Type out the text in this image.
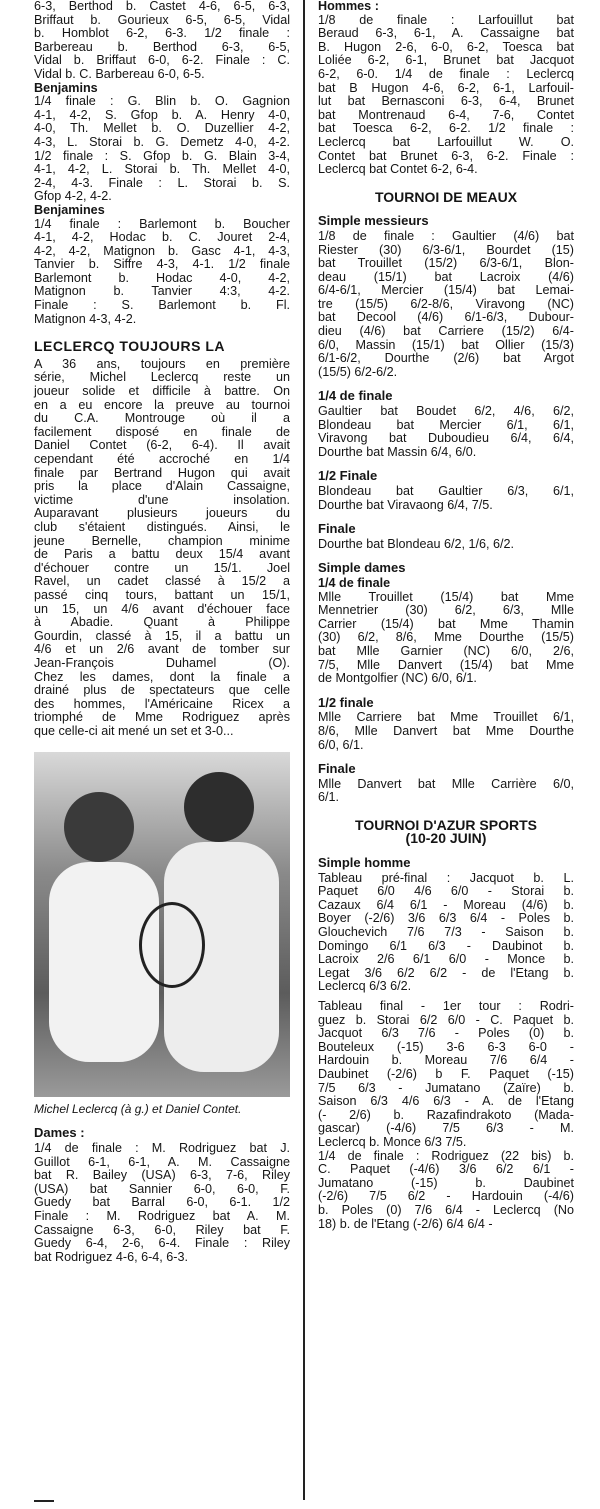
6-3, Berthod b. Castet 4-6, 6-5, 6-3,
Briffaut b. Gourieux 6-5, 6-5, Vidal
b. Homblot 6-2, 6-3. 1/2 finale :
Barbereau b. Berthod 6-3, 6-5,
Vidal b. Briffaut 6-0, 6-2. Finale : C.
Vidal b. C. Barbereau 6-0, 6-5.

Benjamins

1/4 finale : G. Blin b. O. Gagnion
4-1, 4-2, S. Gfop b. A. Henry 4-0,
4-0, Th. Mellet b. O. Duzellier 4-2,
4-3, L. Storai b. G. Demetz 4-0, 4-2.
1/2 finale : S. Gfop b. G. Blain 3-4,
4-1, 4-2, L. Storai b. Th. Mellet 4-0,
2-4, 4-3. Finale : L. Storai b. S.
Gfop 4-2, 4-2.

Benjamines

1/4 finale : Barlemont b. Boucher
4-1, 4-2, Hodac b. C. Jouret 2-4,
4-2, 4-2, Matignon b. Gasc 4-1, 4-3,
Tanvier b. Siffre 4-3, 4-1. 1/2 finale
Barlemont b. Hodac 4-0, 4-2,
Matignon b. Tanvier 4:3, 4-2.
Finale : S. Barlemont b. Fl.
Matignon 4-3, 4-2.
LECLERCQ TOUJOURS LA
A 36 ans, toujours en première
série, Michel Leclercq reste un
joueur solide et difficile à battre. On
en a eu encore la preuve au tournoi
du C.A. Montrouge où il a
facilement disposé en finale de
Daniel Contet (6-2, 6-4). Il avait
cependant été accroché en 1/4
finale par Bertrand Hugon qui avait
pris la place d'Alain Cassaigne,
victime d'une insolation.
Auparavant plusieurs joueurs du
club s'étaient distingués. Ainsi, le
jeune Bernelle, champion minime
de Paris a battu deux 15/4 avant
d'échouer contre un 15/1. Joel
Ravel, un cadet classé à 15/2 a
passé cinq tours, battant un 15/1,
un 15, un 4/6 avant d'échouer face
à Abadie. Quant à Philippe
Gourdin, classé à 15, il a battu un
4/6 et un 2/6 avant de tomber sur
Jean-François Duhamel (O).
Chez les dames, dont la finale a
drainé plus de spectateurs que celle
des hommes, l'Américaine Ricex a
triomphé de Mme Rodriguez après
que celle-ci ait mené un set et 3-0...
Michel Leclercq (à g.) et Daniel Contet.

Dames :

1/4 de finale : M. Rodriguez bat J.
Guillot 6-1, 6-1, A. M. Cassaigne
bat R. Bailey (USA) 6-3, 7-6, Riley
(USA) bat Sannier 6-0, 6-0, F.
Guedy bat Barral 6-0, 6-1. 1/2
Finale : M. Rodriguez bat A. M.
Cassaigne 6-3, 6-0, Riley bat F.
Guedy 6-4, 2-6, 6-4. Finale : Riley
bat Rodriguez 4-6, 6-4, 6-3.

Hommes :

1/8 de finale : Larfouillut bat
Beraud 6-3, 6-1, A. Cassaigne bat
B. Hugon 2-6, 6-0, 6-2, Toesca bat
Loliée 6-2, 6-1, Brunet bat Jacquot
6-2, 6-0. 1/4 de finale : Leclercq
bat B Hugon 4-6, 6-2, 6-1, Larfouil-
lut bat Bernasconi 6-3, 6-4, Brunet
bat Montrenaud 6-4, 7-6, Contet
bat Toesca 6-2, 6-2. 1/2 finale :
Leclercq bat Larfouillut W. O.
Contet bat Brunet 6-3, 6-2. Finale :
Leclercq bat Contet 6-2, 6-4.
TOURNOI DE MEAUX

Simple messieurs

1/8 de finale : Gaultier (4/6) bat
Riester (30) 6/3-6/1, Bourdet (15)
bat Trouillet (15/2) 6/3-6/1, Blon-
deau (15/1) bat Lacroix (4/6)
6/4-6/1, Mercier (15/4) bat Lemai-
tre (15/5) 6/2-8/6, Viravong (NC)
bat Decool (4/6) 6/1-6/3, Dubour-
dieu (4/6) bat Carriere (15/2) 6/4-
6/0, Massin (15/1) bat Ollier (15/3)
6/1-6/2, Dourthe (2/6) bat Argot
(15/5) 6/2-6/2.

1/4 de finale

Gaultier bat Boudet 6/2, 4/6, 6/2,
Blondeau bat Mercier 6/1, 6/1,
Viravong bat Duboudieu 6/4, 6/4,
Dourthe bat Massin 6/4, 6/0.

1/2 Finale

Blondeau bat Gaultier 6/3, 6/1,
Dourthe bat Viravaong 6/4, 7/5.

Finale

Dourthe bat Blondeau 6/2, 1/6, 6/2.

Simple dames

1/4 de finale

Mlle Trouillet (15/4) bat Mme
Mennetrier (30) 6/2, 6/3, Mlle
Carrier (15/4) bat Mme Thamin
(30) 6/2, 8/6, Mme Dourthe (15/5)
bat Mlle Garnier (NC) 6/0, 2/6,
7/5, Mlle Danvert (15/4) bat Mme
de Montgolfier (NC) 6/0, 6/1.

1/2 finale

Mlle Carriere bat Mme Trouillet 6/1,
8/6, Mlle Danvert bat Mme Dourthe
6/0, 6/1.

Finale

Mlle Danvert bat Mlle Carrière 6/0,
6/1.
TOURNOI D'AZUR SPORTS
(10-20 JUIN)

Simple homme

Tableau pré-final : Jacquot b. L.
Paquet 6/0 4/6 6/0 - Storai b.
Cazaux 6/4 6/1 - Moreau (4/6) b.
Boyer (-2/6) 3/6 6/3 6/4 - Poles b.
Glouchevich 7/6 7/3 - Saison b.
Domingo 6/1 6/3 - Daubinot b.
Lacroix 2/6 6/1 6/0 - Monce b.
Legat 3/6 6/2 6/2 - de l'Etang b.
Leclercq 6/3 6/2.
Tableau final - 1er tour : Rodri-
guez b. Storai 6/2 6/0 - C. Paquet b.
Jacquot 6/3 7/6 - Poles (0) b.
Bouteleux (-15) 3-6 6-3 6-0 -
Hardouin b. Moreau 7/6 6/4 -
Daubinet (-2/6) b F. Paquet (-15)
7/5 6/3 - Jumatano (Zaïre) b.
Saison 6/3 4/6 6/3 - A. de l'Etang
(- 2/6) b. Razafindrakoto (Mada-
gascar) (-4/6) 7/5 6/3 - M.
Leclercq b. Monce 6/3 7/5.
1/4 de finale : Rodriguez (22 bis) b.
C. Paquet (-4/6) 3/6 6/2 6/1 -
Jumatano (-15) b. Daubinet
(-2/6) 7/5 6/2 - Hardouin (-4/6)
b. Poles (0) 7/6 6/4 - Leclercq (No
18) b. de l'Etang (-2/6) 6/4 6/4 -
